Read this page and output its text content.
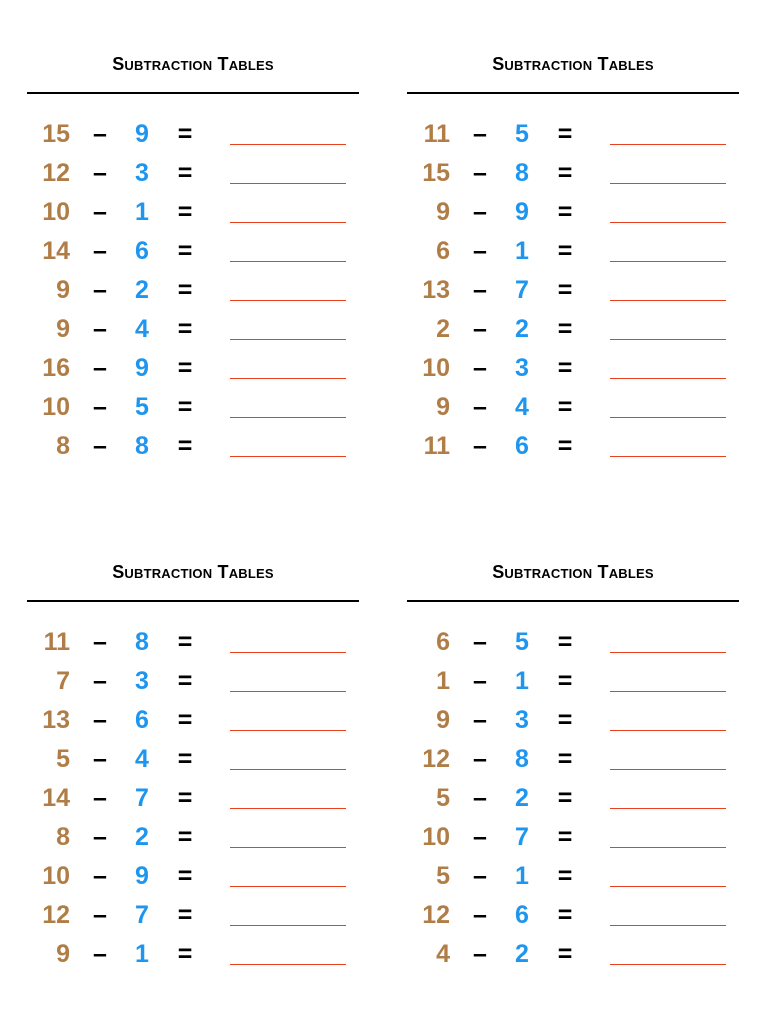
Subtraction Tables
15 – 9 =
12 – 3 =
10 – 1 =
14 – 6 =
9 – 2 =
9 – 4 =
16 – 9 =
10 – 5 =
8 – 8 =
Subtraction Tables
11 – 5 =
15 – 8 =
9 – 9 =
6 – 1 =
13 – 7 =
2 – 2 =
10 – 3 =
9 – 4 =
11 – 6 =
Subtraction Tables
11 – 8 =
7 – 3 =
13 – 6 =
5 – 4 =
14 – 7 =
8 – 2 =
10 – 9 =
12 – 7 =
9 – 1 =
Subtraction Tables
6 – 5 =
1 – 1 =
9 – 3 =
12 – 8 =
5 – 2 =
10 – 7 =
5 – 1 =
12 – 6 =
4 – 2 =
